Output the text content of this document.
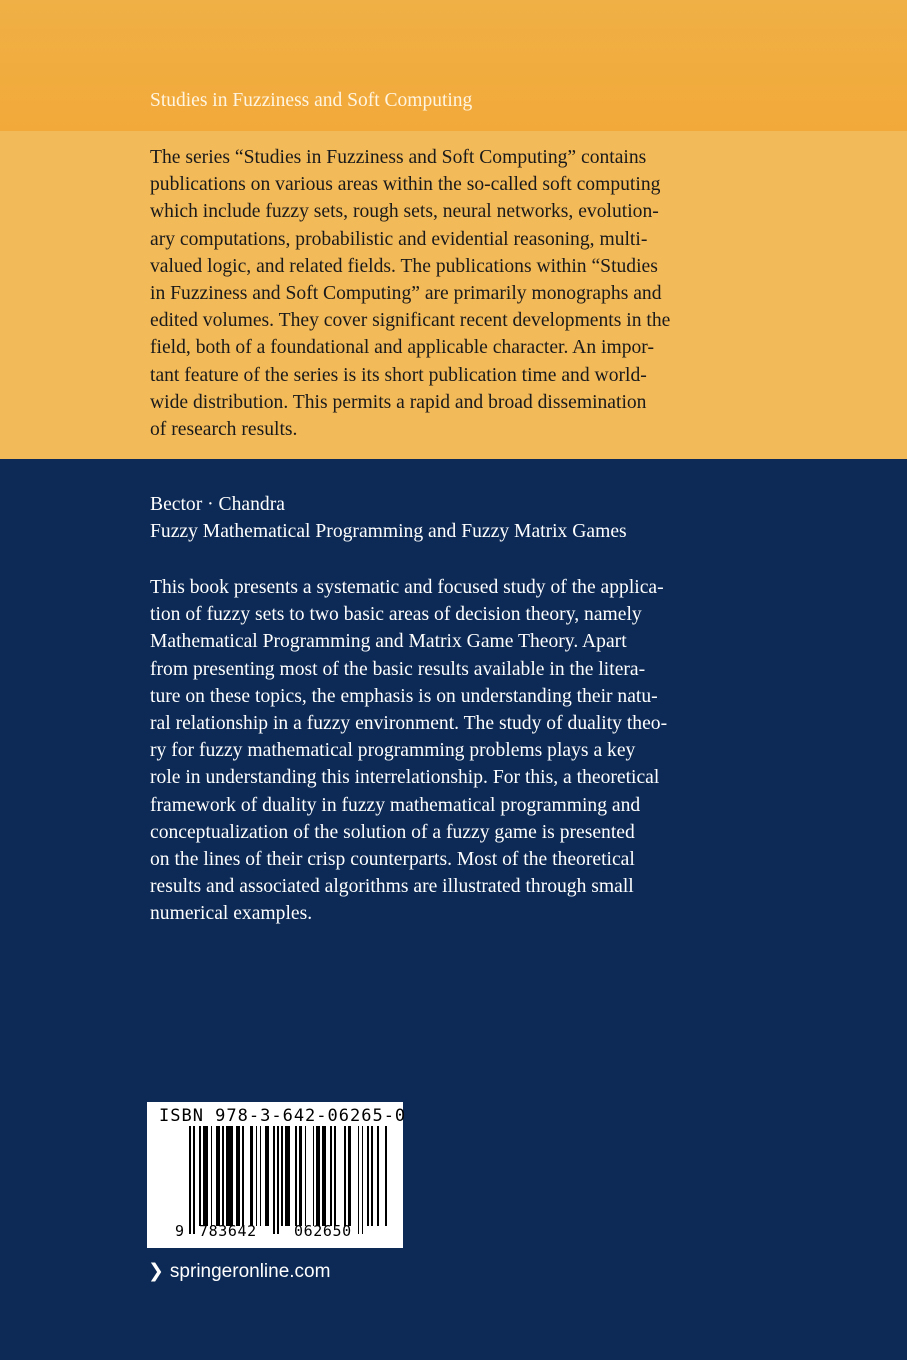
Studies in Fuzziness and Soft Computing
The series “Studies in Fuzziness and Soft Computing” contains
publications on various areas within the so-called soft computing
which include fuzzy sets, rough sets, neural networks, evolution-
ary computations, probabilistic and evidential reasoning, multi-
valued logic, and related fields. The publications within “Studies
in Fuzziness and Soft Computing” are primarily monographs and
edited volumes. They cover significant recent developments in the
field, both of a foundational and applicable character. An impor-
tant feature of the series is its short publication time and world-
wide distribution. This permits a rapid and broad dissemination
of research results.
Bector · Chandra
Fuzzy Mathematical Programming and Fuzzy Matrix Games
This book presents a systematic and focused study of the applica-
tion of fuzzy sets to two basic areas of decision theory, namely
Mathematical Programming and Matrix Game Theory. Apart
from presenting most of the basic results available in the litera-
ture on these topics, the emphasis is on understanding their natu-
ral relationship in a fuzzy environment. The study of duality theo-
ry for fuzzy mathematical programming problems plays a key
role in understanding this interrelationship. For this, a theoretical
framework of duality in fuzzy mathematical programming and
conceptualization of the solution of a fuzzy game is presented
on the lines of their crisp counterparts. Most of the theoretical
results and associated algorithms are illustrated through small
numerical examples.

ISBN 978-3-642-06265-0

9 783642 062650

❯ springeronline.com
